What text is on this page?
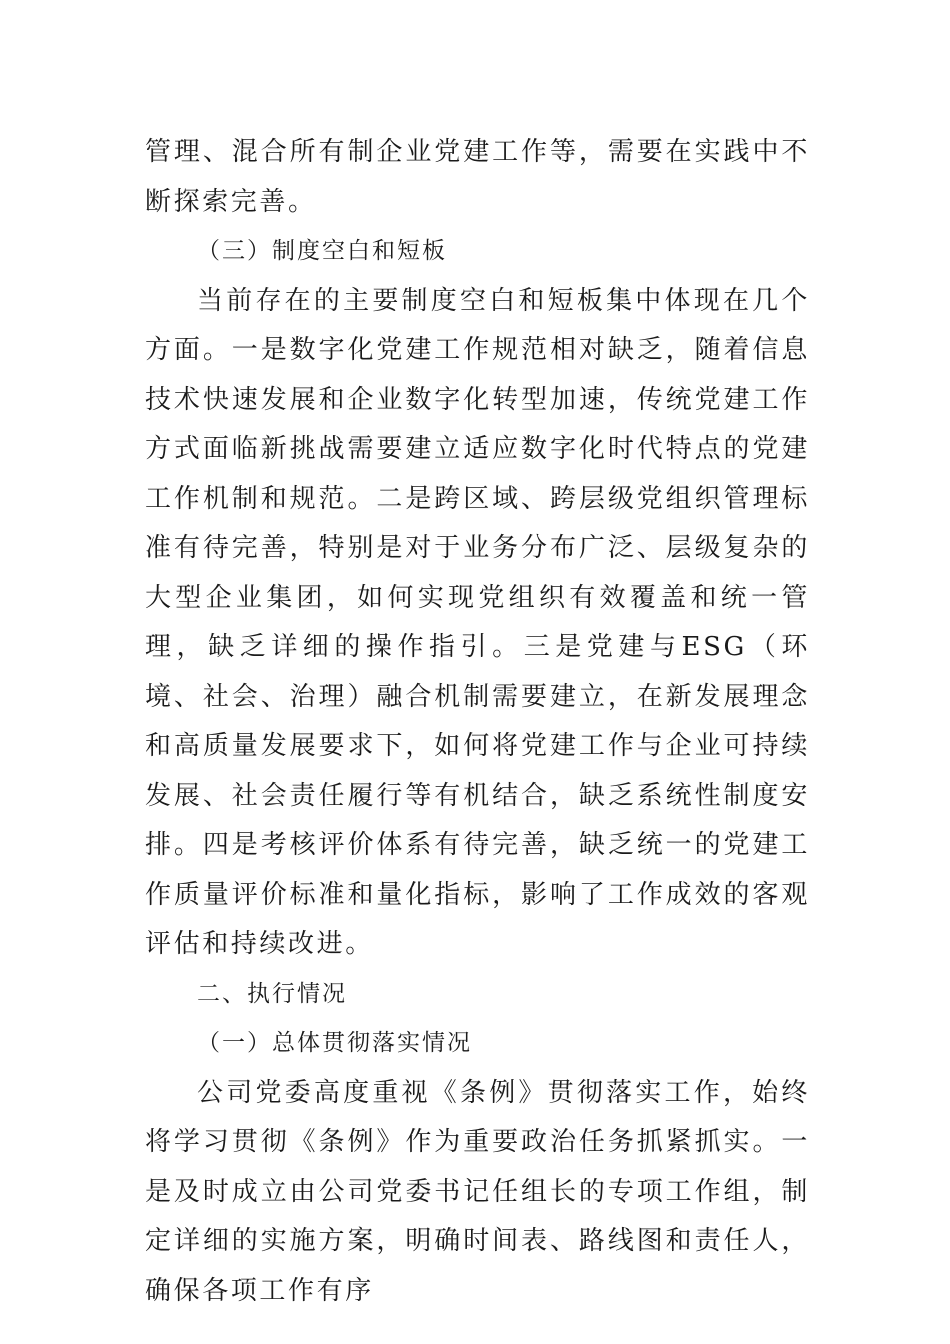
管理、混合所有制企业党建工作等，需要在实践中不断探索完善。

（三）制度空白和短板

当前存在的主要制度空白和短板集中体现在几个方面。一是数字化党建工作规范相对缺乏，随着信息技术快速发展和企业数字化转型加速，传统党建工作方式面临新挑战需要建立适应数字化时代特点的党建工作机制和规范。二是跨区域、跨层级党组织管理标准有待完善，特别是对于业务分布广泛、层级复杂的大型企业集团，如何实现党组织有效覆盖和统一管理，缺乏详细的操作指引。三是党建与ESG（环境、社会、治理）融合机制需要建立，在新发展理念和高质量发展要求下，如何将党建工作与企业可持续发展、社会责任履行等有机结合，缺乏系统性制度安排。四是考核评价体系有待完善，缺乏统一的党建工作质量评价标准和量化指标，影响了工作成效的客观评估和持续改进。

二、执行情况

（一）总体贯彻落实情况

公司党委高度重视《条例》贯彻落实工作，始终将学习贯彻《条例》作为重要政治任务抓紧抓实。一是及时成立由公司党委书记任组长的专项工作组，制定详细的实施方案，明确时间表、路线图和责任人，确保各项工作有序
